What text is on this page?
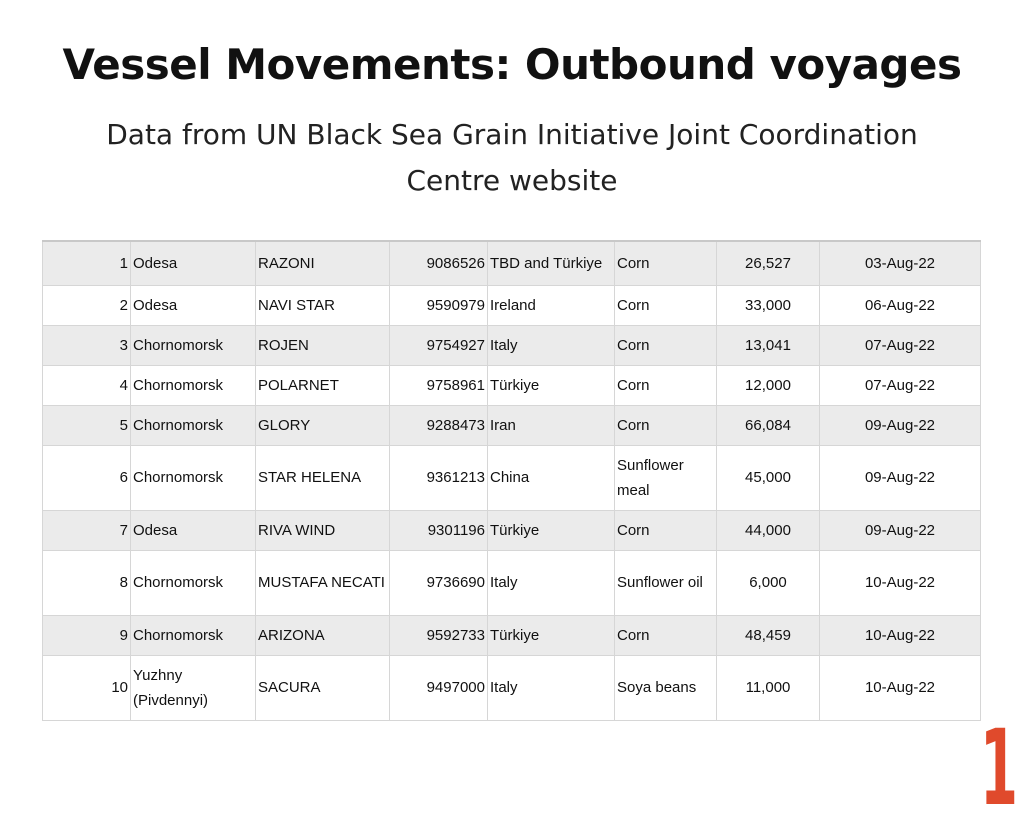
Vessel Movements: Outbound voyages
Data from UN Black Sea Grain Initiative Joint Coordination Centre website
1	Odesa	RAZONI	9086526	TBD and Türkiye	Corn	26,527	03-Aug-22
2	Odesa	NAVI STAR	9590979	Ireland	Corn	33,000	06-Aug-22
3	Chornomorsk	ROJEN	9754927	Italy	Corn	13,041	07-Aug-22
4	Chornomorsk	POLARNET	9758961	Türkiye	Corn	12,000	07-Aug-22
5	Chornomorsk	GLORY	9288473	Iran	Corn	66,084	09-Aug-22
6	Chornomorsk	STAR HELENA	9361213	China	Sunflower meal	45,000	09-Aug-22
7	Odesa	RIVA WIND	9301196	Türkiye	Corn	44,000	09-Aug-22
8	Chornomorsk	MUSTAFA NECATI	9736690	Italy	Sunflower oil	6,000	10-Aug-22
9	Chornomorsk	ARIZONA	9592733	Türkiye	Corn	48,459	10-Aug-22
10	Yuzhny (Pivdennyi)	SACURA	9497000	Italy	Soya beans	11,000	10-Aug-22
1
